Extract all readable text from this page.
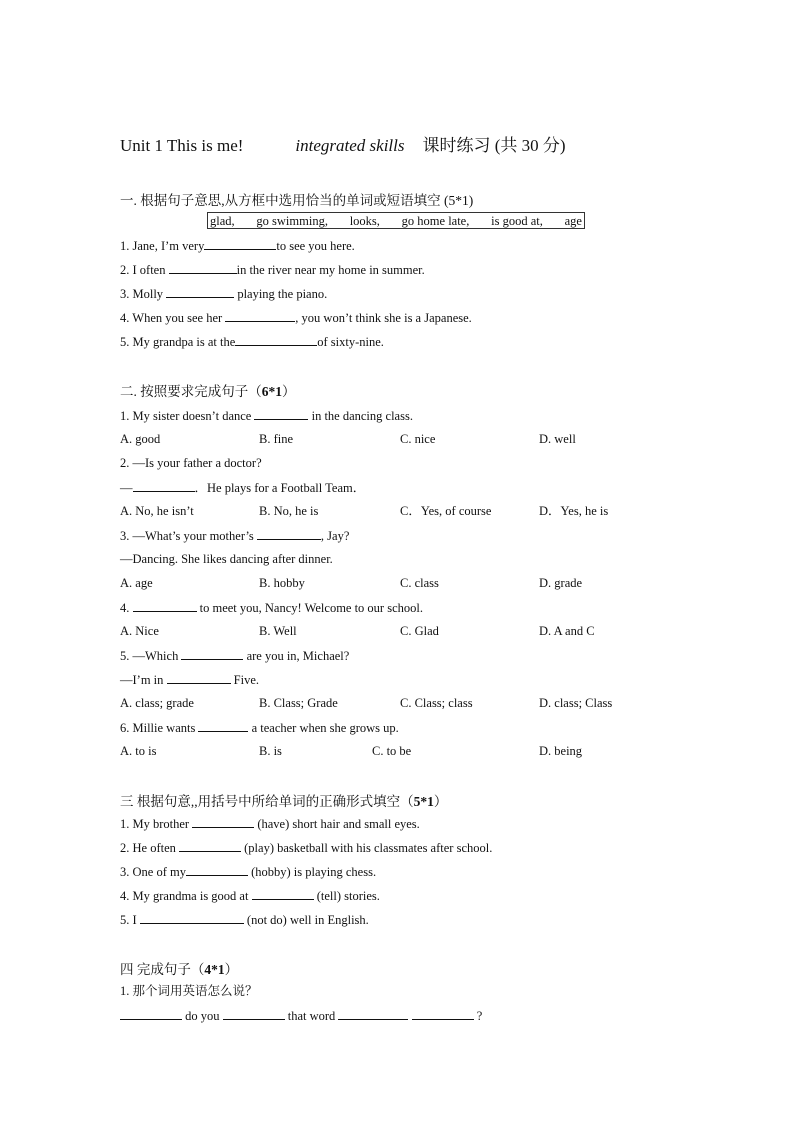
Unit 1 This is me!	integrated skills 课时练习 (共 30 分)
一. 根据句子意思,从方框中选用恰当的单词或短语填空 (5*1)
glad, go swimming, looks, go home late, is good at, age
1. Jane, I’m very	to see you here.
2. I often	in the river near my home in summer.
3. Molly	playing the piano.
4. When you see her	, you won’t think she is a Japanese.
5. My grandpa is at the	of sixty-nine.
二. 按照要求完成句子（6*1）
1. My sister doesn’t dance	in the dancing class.
A. good	B. fine	C. nice	D. well
2. —Is your father a doctor?
—	．He plays for a Football Team．
A. No, he isn’t	B. No, he is	C．Yes, of course	D．Yes, he is
3. —What’s your mother’s	, Jay?
—Dancing. She likes dancing after dinner.
A. age	B. hobby	C. class	D. grade
4.	to meet you, Nancy! Welcome to our school.
A. Nice	B. Well	C. Glad	D. A and C
5. —Which	are you in, Michael?
—I’m in	Five.
A. class; grade	B. Class; Grade	C. Class; class	D. class; Class
6. Millie wants	a teacher when she grows up.
A. to is	B. is	C. to be	D. being
三 根据句意,,用括号中所给单词的正确形式填空（5*1）
1. My brother	(have) short hair and small eyes.
2. He often	(play) basketball with his classmates after school.
3. One of my	(hobby) is playing chess.
4. My grandma is good at	(tell) stories.
5. I	(not do) well in English.
四 完成句子（4*1）
1. 那个词用英语怎么说？
do you	that word	?
